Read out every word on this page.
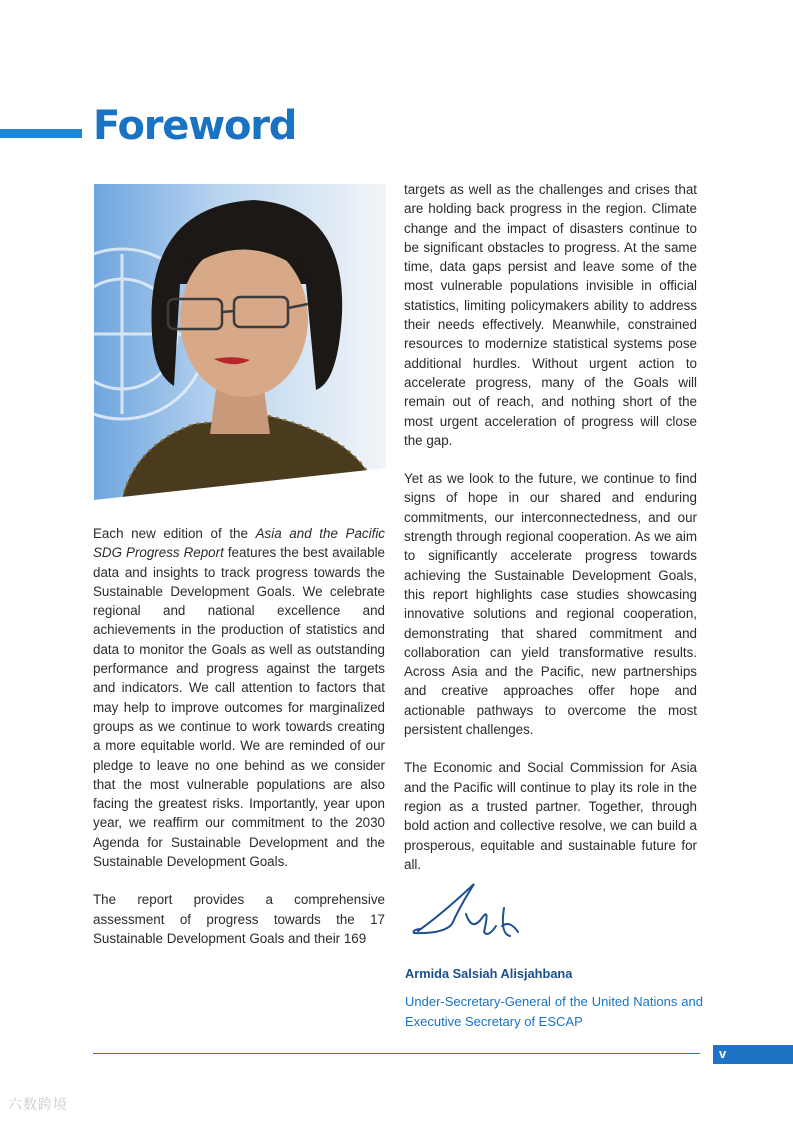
Foreword

Each new edition of the Asia and the Pacific SDG Progress Report features the best available data and insights to track progress towards the Sustainable Development Goals. We celebrate regional and national excellence and achievements in the production of statistics and data to monitor the Goals as well as outstanding performance and progress against the targets and indicators. We call attention to factors that may help to improve outcomes for marginalized groups as we continue to work towards creating a more equitable world. We are reminded of our pledge to leave no one behind as we consider that the most vulnerable populations are also facing the greatest risks. Importantly, year upon year, we reaffirm our commitment to the 2030 Agenda for Sustainable Development and the Sustainable Development Goals.

The report provides a comprehensive assessment of progress towards the 17 Sustainable Development Goals and their 169

targets as well as the challenges and crises that are holding back progress in the region. Climate change and the impact of disasters continue to be significant obstacles to progress. At the same time, data gaps persist and leave some of the most vulnerable populations invisible in official statistics, limiting policymakers ability to address their needs effectively. Meanwhile, constrained resources to modernize statistical systems pose additional hurdles. Without urgent action to accelerate progress, many of the Goals will remain out of reach, and nothing short of the most urgent acceleration of progress will close the gap.

Yet as we look to the future, we continue to find signs of hope in our shared and enduring commitments, our interconnectedness, and our strength through regional cooperation. As we aim to significantly accelerate progress towards achieving the Sustainable Development Goals, this report highlights case studies showcasing innovative solutions and regional cooperation, demonstrating that shared commitment and collaboration can yield transformative results. Across Asia and the Pacific, new partnerships and creative approaches offer hope and actionable pathways to overcome the most persistent challenges.

The Economic and Social Commission for Asia and the Pacific will continue to play its role in the region as a trusted partner. Together, through bold action and collective resolve, we can build a prosperous, equitable and sustainable future for all.

Armida Salsiah Alisjahbana

Under-Secretary-General of the United Nations and Executive Secretary of ESCAP

v
六数跨境
